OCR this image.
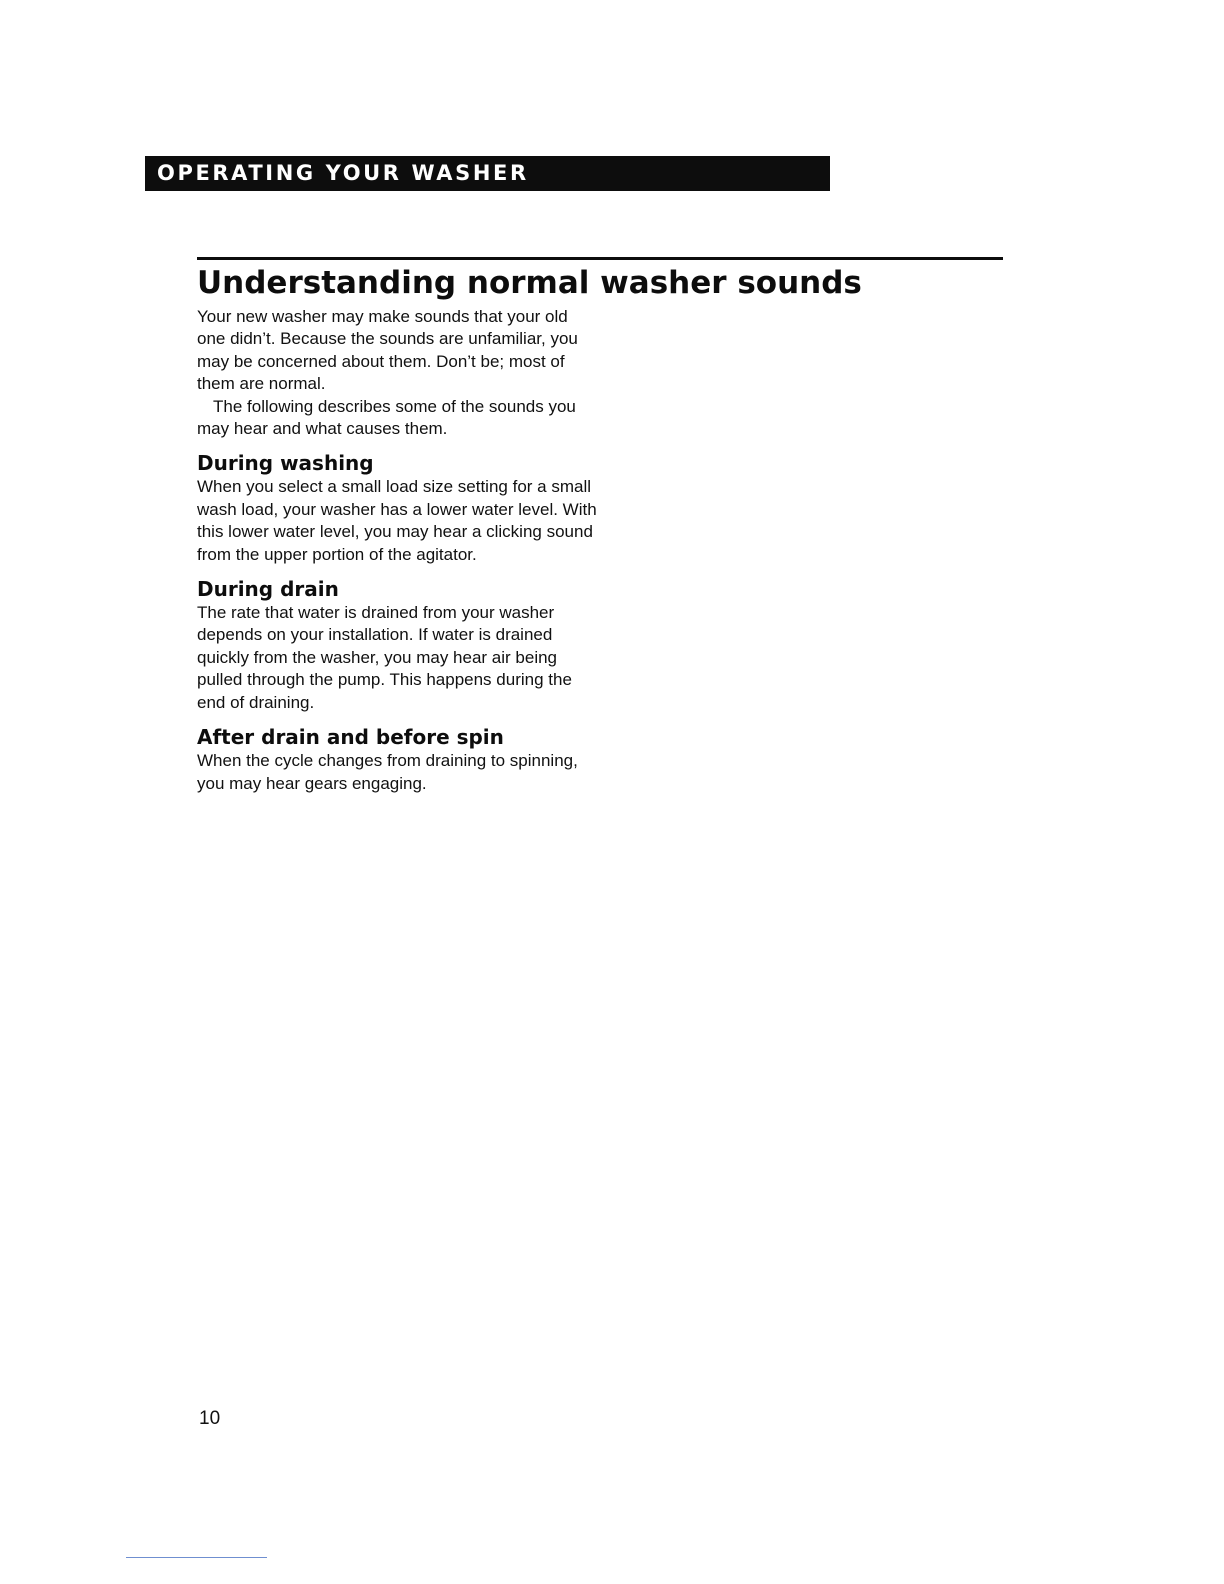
OPERATING YOUR WASHER
Understanding normal washer sounds

Your new washer may make sounds that your old one didn’t. Because the sounds are unfamiliar, you may be concerned about them. Don’t be; most of them are normal.

The following describes some of the sounds you may hear and what causes them.

During washing

When you select a small load size setting for a small wash load, your washer has a lower water level. With this lower water level, you may hear a clicking sound from the upper portion of the agitator.

During drain

The rate that water is drained from your washer depends on your installation. If water is drained quickly from the washer, you may hear air being pulled through the pump. This happens during the end of draining.

After drain and before spin

When the cycle changes from draining to spinning, you may hear gears engaging.

10
